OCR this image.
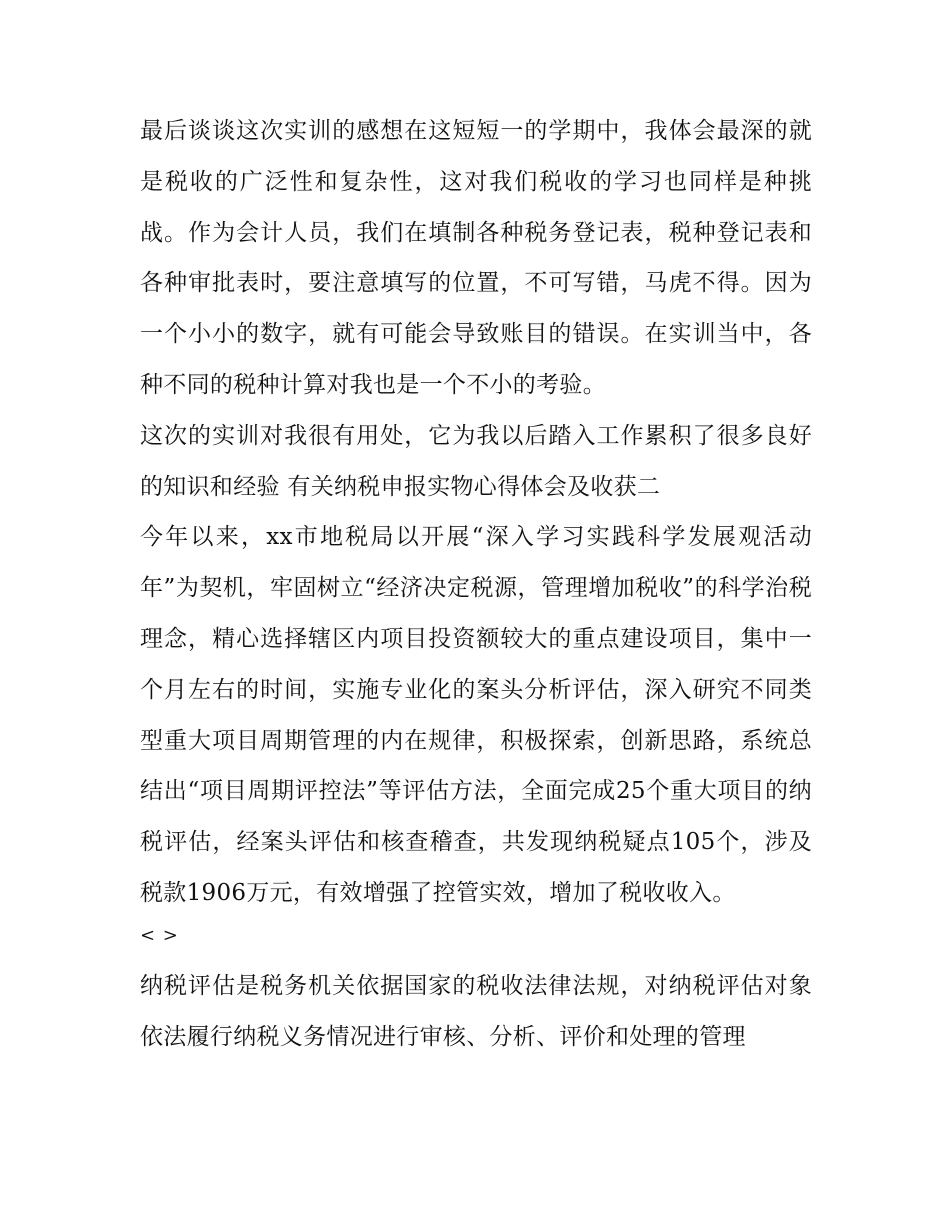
最后谈谈这次实训的感想在这短短一的学期中，我体会最深的就是税收的广泛性和复杂性，这对我们税收的学习也同样是种挑战。作为会计人员，我们在填制各种税务登记表，税种登记表和各种审批表时，要注意填写的位置，不可写错，马虎不得。因为一个小小的数字，就有可能会导致账目的错误。在实训当中，各种不同的税种计算对我也是一个不小的考验。

这次的实训对我很有用处，它为我以后踏入工作累积了很多良好的知识和经验 有关纳税申报实物心得体会及收获二

今年以来，xx市地税局以开展“深入学习实践科学发展观活动年”为契机，牢固树立“经济决定税源，管理增加税收”的科学治税理念，精心选择辖区内项目投资额较大的重点建设项目，集中一个月左右的时间，实施专业化的案头分析评估，深入研究不同类型重大项目周期管理的内在规律，积极探索，创新思路，系统总结出“项目周期评控法”等评估方法，全面完成25个重大项目的纳税评估，经案头评估和核查稽查，共发现纳税疑点105个，涉及税款1906万元，有效增强了控管实效，增加了税收收入。

< >

纳税评估是税务机关依据国家的税收法律法规，对纳税评估对象依法履行纳税义务情况进行审核、分析、评价和处理的管理
